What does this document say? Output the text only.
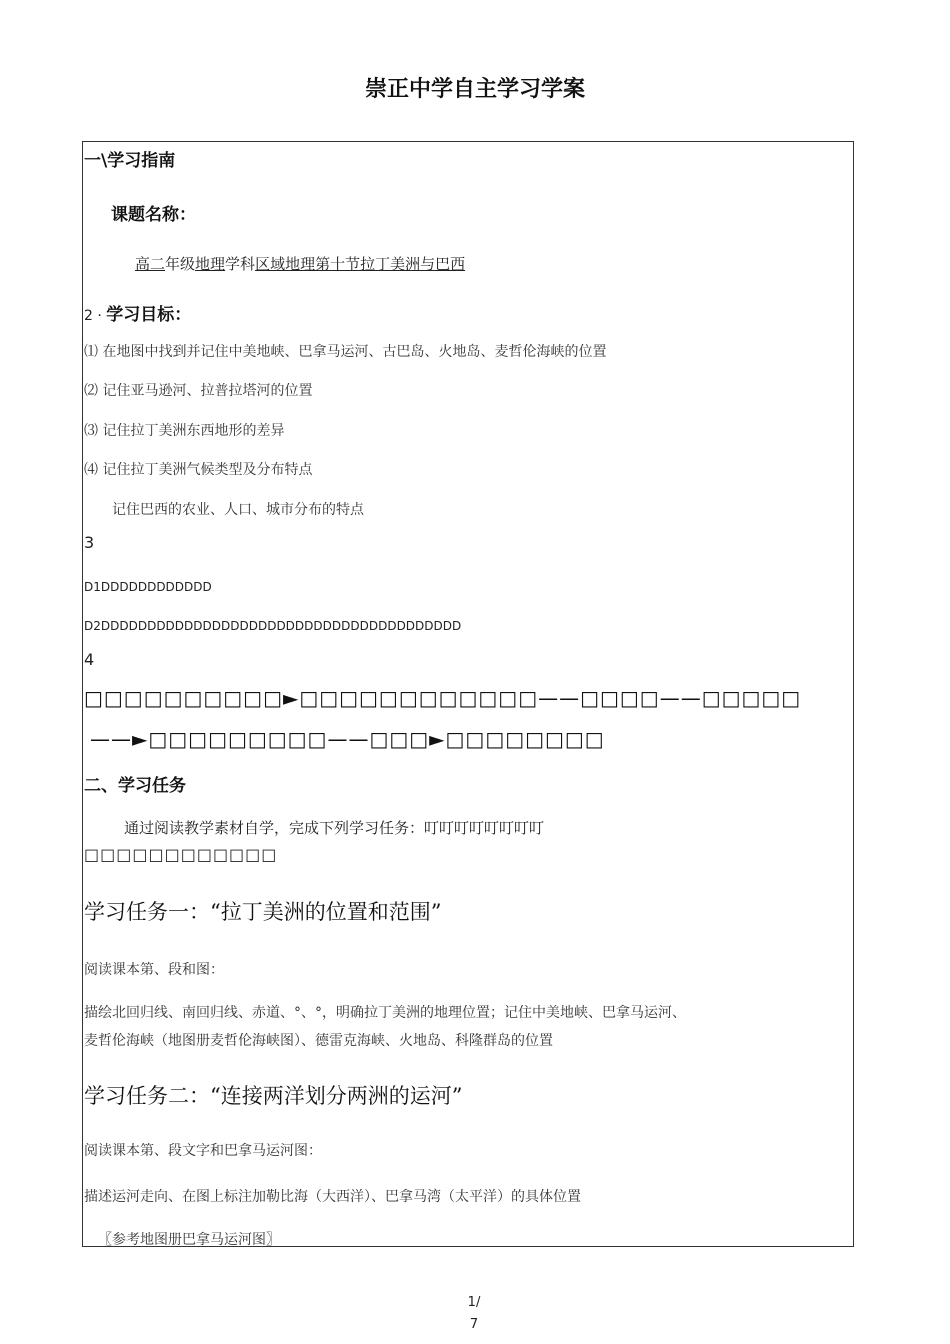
崇正中学自主学习学案
一\学习指南
课题名称：
高二年级地理学科区域地理第十节拉丁美洲与巴西
2 · 学习目标：
⑴ 在地图中找到并记住中美地峡、巴拿马运河、古巴岛、火地岛、麦哲伦海峡的位置
⑵ 记住亚马逊河、拉普拉塔河的位置
⑶ 记住拉丁美洲东西地形的差异
⑷ 记住拉丁美洲气候类型及分布特点
记住巴西的农业、人口、城市分布的特点
3
D1DDDDDDDDDDDD
D2DDDDDDDDDDDDDDDDDDDDDDDDDDDDDDDDDDDDDDD
4
□□□□□□□□□□►□□□□□□□□□□□□——□□□□——□□□□□
——►□□□□□□□□□——□□□►□□□□□□□□
二、学习任务
通过阅读教学素材自学，完成下列学习任务：叮叮叮叮叮叮叮叮
□□□□□□□□□□□□
学习任务一：“拉丁美洲的位置和范围”
阅读课本第、段和图：
描绘北回归线、南回归线、赤道、°、°，明确拉丁美洲的地理位置；记住中美地峡、巴拿马运河、
麦哲伦海峡（地图册麦哲伦海峡图）、德雷克海峡、火地岛、科隆群岛的位置
学习任务二：“连接两洋划分两洲的运河”
阅读课本第、段文字和巴拿马运河图：
描述运河走向、在图上标注加勒比海（大西洋）、巴拿马湾（太平洋）的具体位置
〖参考地图册巴拿马运河图〗
1/
7
